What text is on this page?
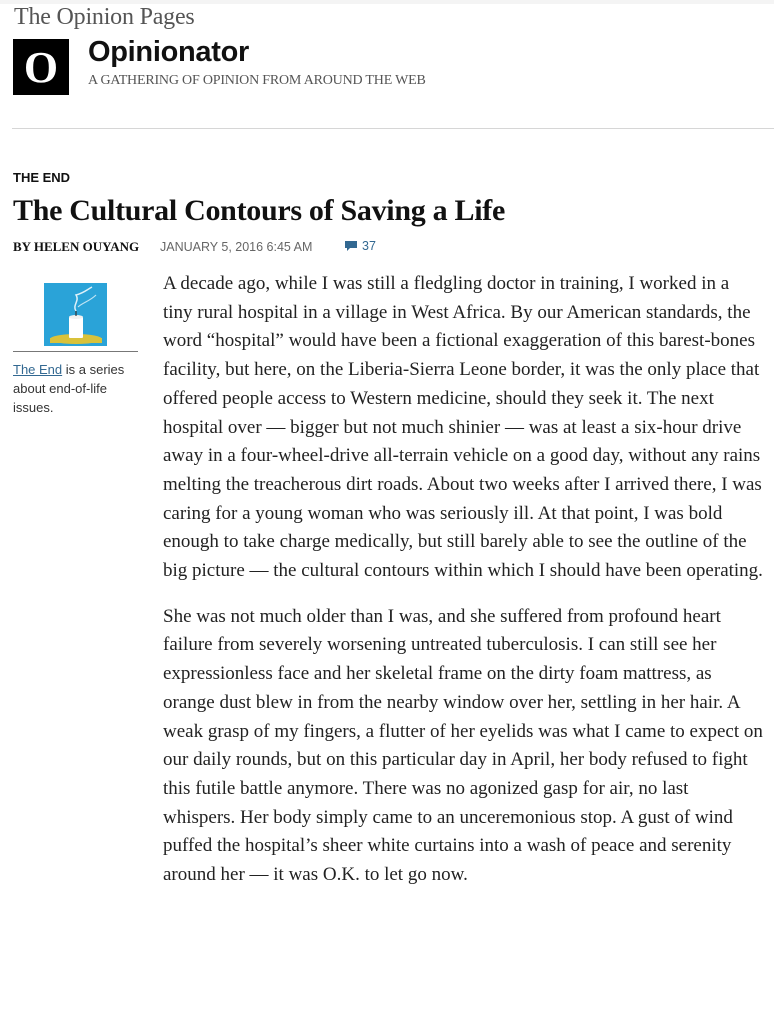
The Opinion Pages
O Opinionator
A GATHERING OF OPINION FROM AROUND THE WEB
THE END
The Cultural Contours of Saving a Life
BY HELEN OUYANG JANUARY 5, 2016 6:45 AM	37
The End is a series about end-of-life issues.

A decade ago, while I was still a fledgling doctor in training, I worked in a tiny rural hospital in a village in West Africa. By our American standards, the word “hospital” would have been a fictional exaggeration of this barest-bones facility, but here, on the Liberia-Sierra Leone border, it was the only place that offered people access to Western medicine, should they seek it. The next hospital over — bigger but not much shinier — was at least a six-hour drive away in a four-wheel-drive all-terrain vehicle on a good day, without any rains melting the treacherous dirt roads. About two weeks after I arrived there, I was caring for a young woman who was seriously ill. At that point, I was bold enough to take charge medically, but still barely able to see the outline of the big picture — the cultural contours within which I should have been operating.

She was not much older than I was, and she suffered from profound heart failure from severely worsening untreated tuberculosis. I can still see her expressionless face and her skeletal frame on the dirty foam mattress, as orange dust blew in from the nearby window over her, settling in her hair. A weak grasp of my fingers, a flutter of her eyelids was what I came to expect on our daily rounds, but on this particular day in April, her body refused to fight this futile battle anymore. There was no agonized gasp for air, no last whispers. Her body simply came to an unceremonious stop. A gust of wind puffed the hospital’s sheer white curtains into a wash of peace and serenity around her — it was O.K. to let go now.
